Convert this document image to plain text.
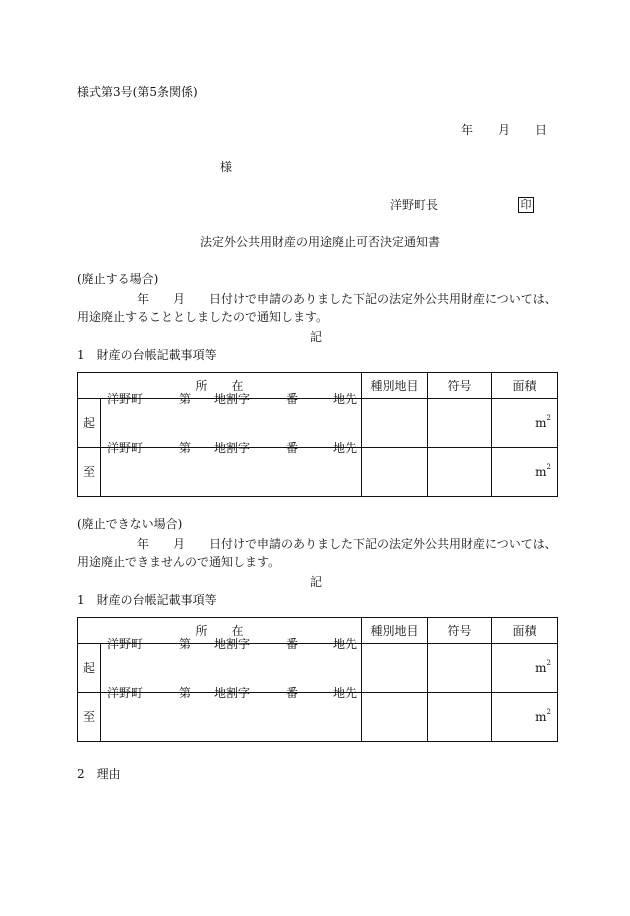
様式第3号(第5条関係)
年 月 日
様
洋野町長	印
法定外公共用財産の用途廃止可否決定通知書
(廃止する場合)
年　　月　　日付けで申請のありました下記の法定外公共用財産については、用途廃止することとしましたので通知します。
記
1　財産の台帳記載事項等
所　　在		種別地目	符号	面積
起	洋野町 第 地割字 番 地先			$m^2$
至	洋野町 第 地割字 番 地先			$m^2$
(廃止できない場合)
年　　月　　日付けで申請のありました下記の法定外公共用財産については、用途廃止できませんので通知します。
記
1　財産の台帳記載事項等
所　　在		種別地目	符号	面積
起	洋野町 第 地割字 番 地先			$m^2$
至	洋野町 第 地割字 番 地先			$m^2$
2　理由
